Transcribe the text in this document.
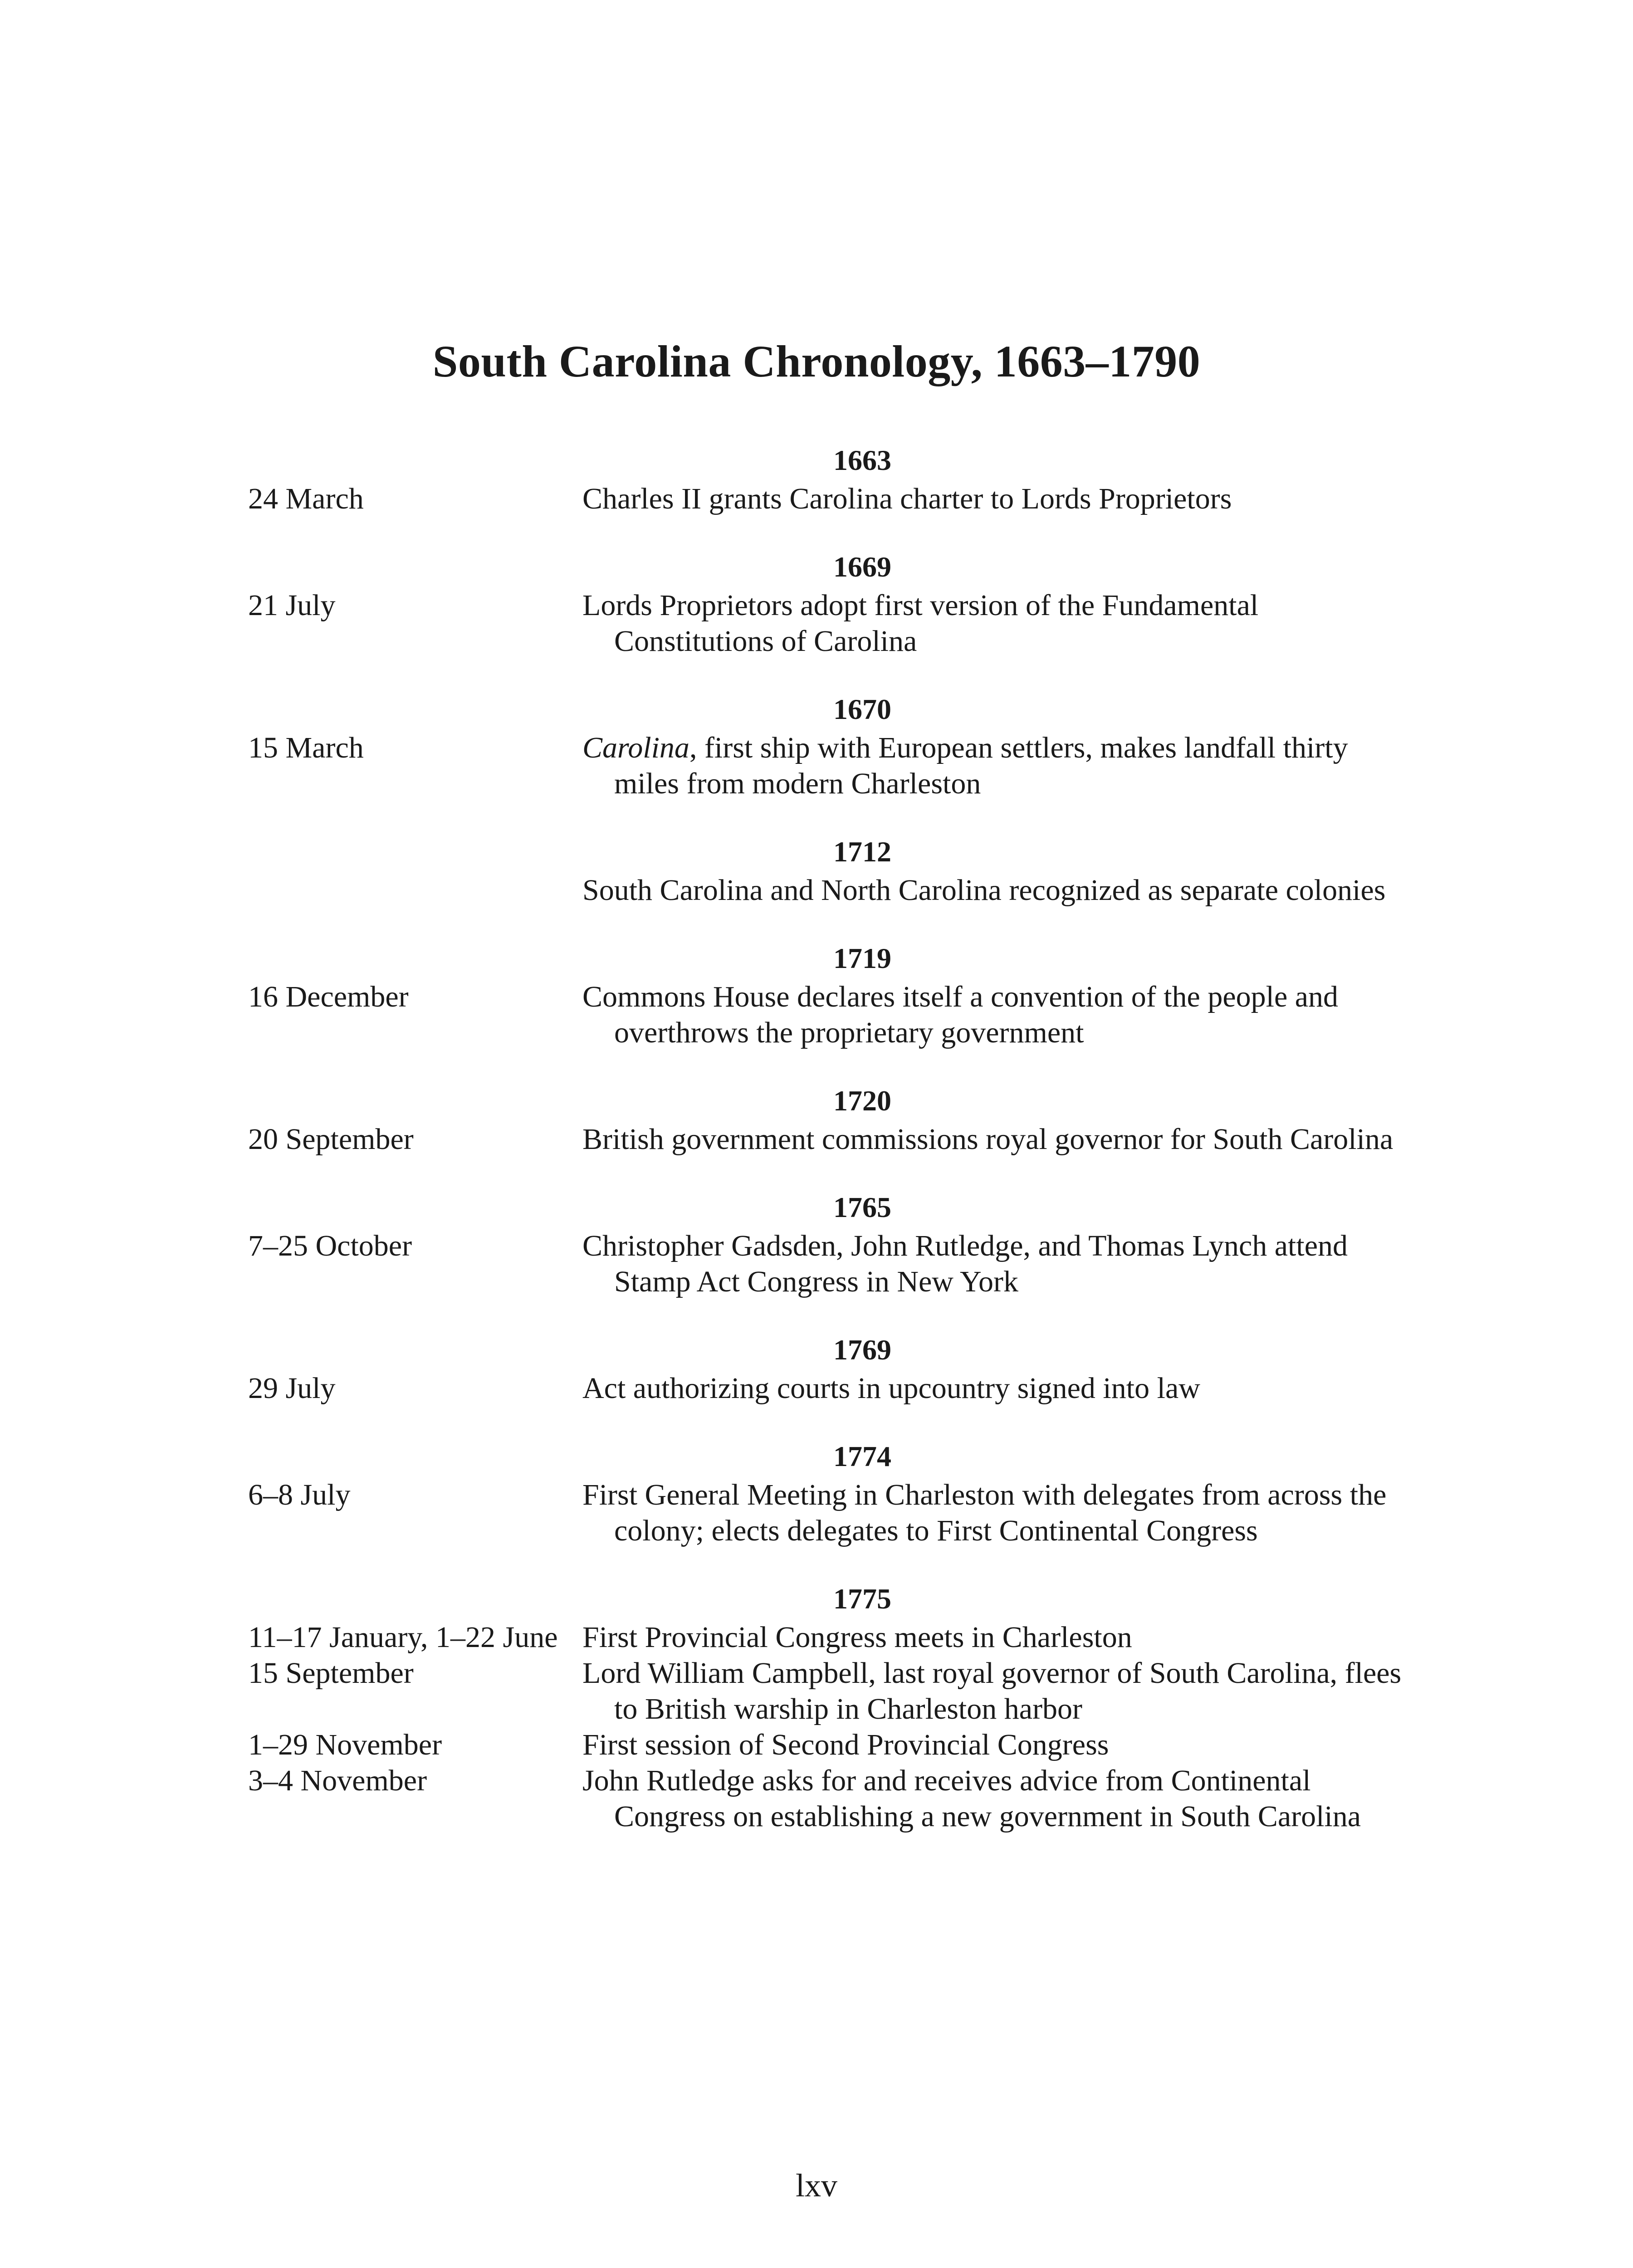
South Carolina Chronology, 1663–1790
1663
24 March	Charles II grants Carolina charter to Lords Proprietors
1669
21 July	Lords Proprietors adopt first version of the Fundamental Constitutions of Carolina
1670
15 March	Carolina, first ship with European settlers, makes landfall thirty miles from modern Charleston
1712
South Carolina and North Carolina recognized as separate colonies
1719
16 December	Commons House declares itself a convention of the people and overthrows the proprietary government
1720
20 September	British government commissions royal governor for South Carolina
1765
7–25 October	Christopher Gadsden, John Rutledge, and Thomas Lynch attend Stamp Act Congress in New York
1769
29 July	Act authorizing courts in upcountry signed into law
1774
6–8 July	First General Meeting in Charleston with delegates from across the colony; elects delegates to First Continental Congress
1775
11–17 January, 1–22 June First Provincial Congress meets in Charleston
15 September	Lord William Campbell, last royal governor of South Carolina, flees to British warship in Charleston harbor
1–29 November	First session of Second Provincial Congress
3–4 November	John Rutledge asks for and receives advice from Continental Congress on establishing a new government in South Carolina
lxv
